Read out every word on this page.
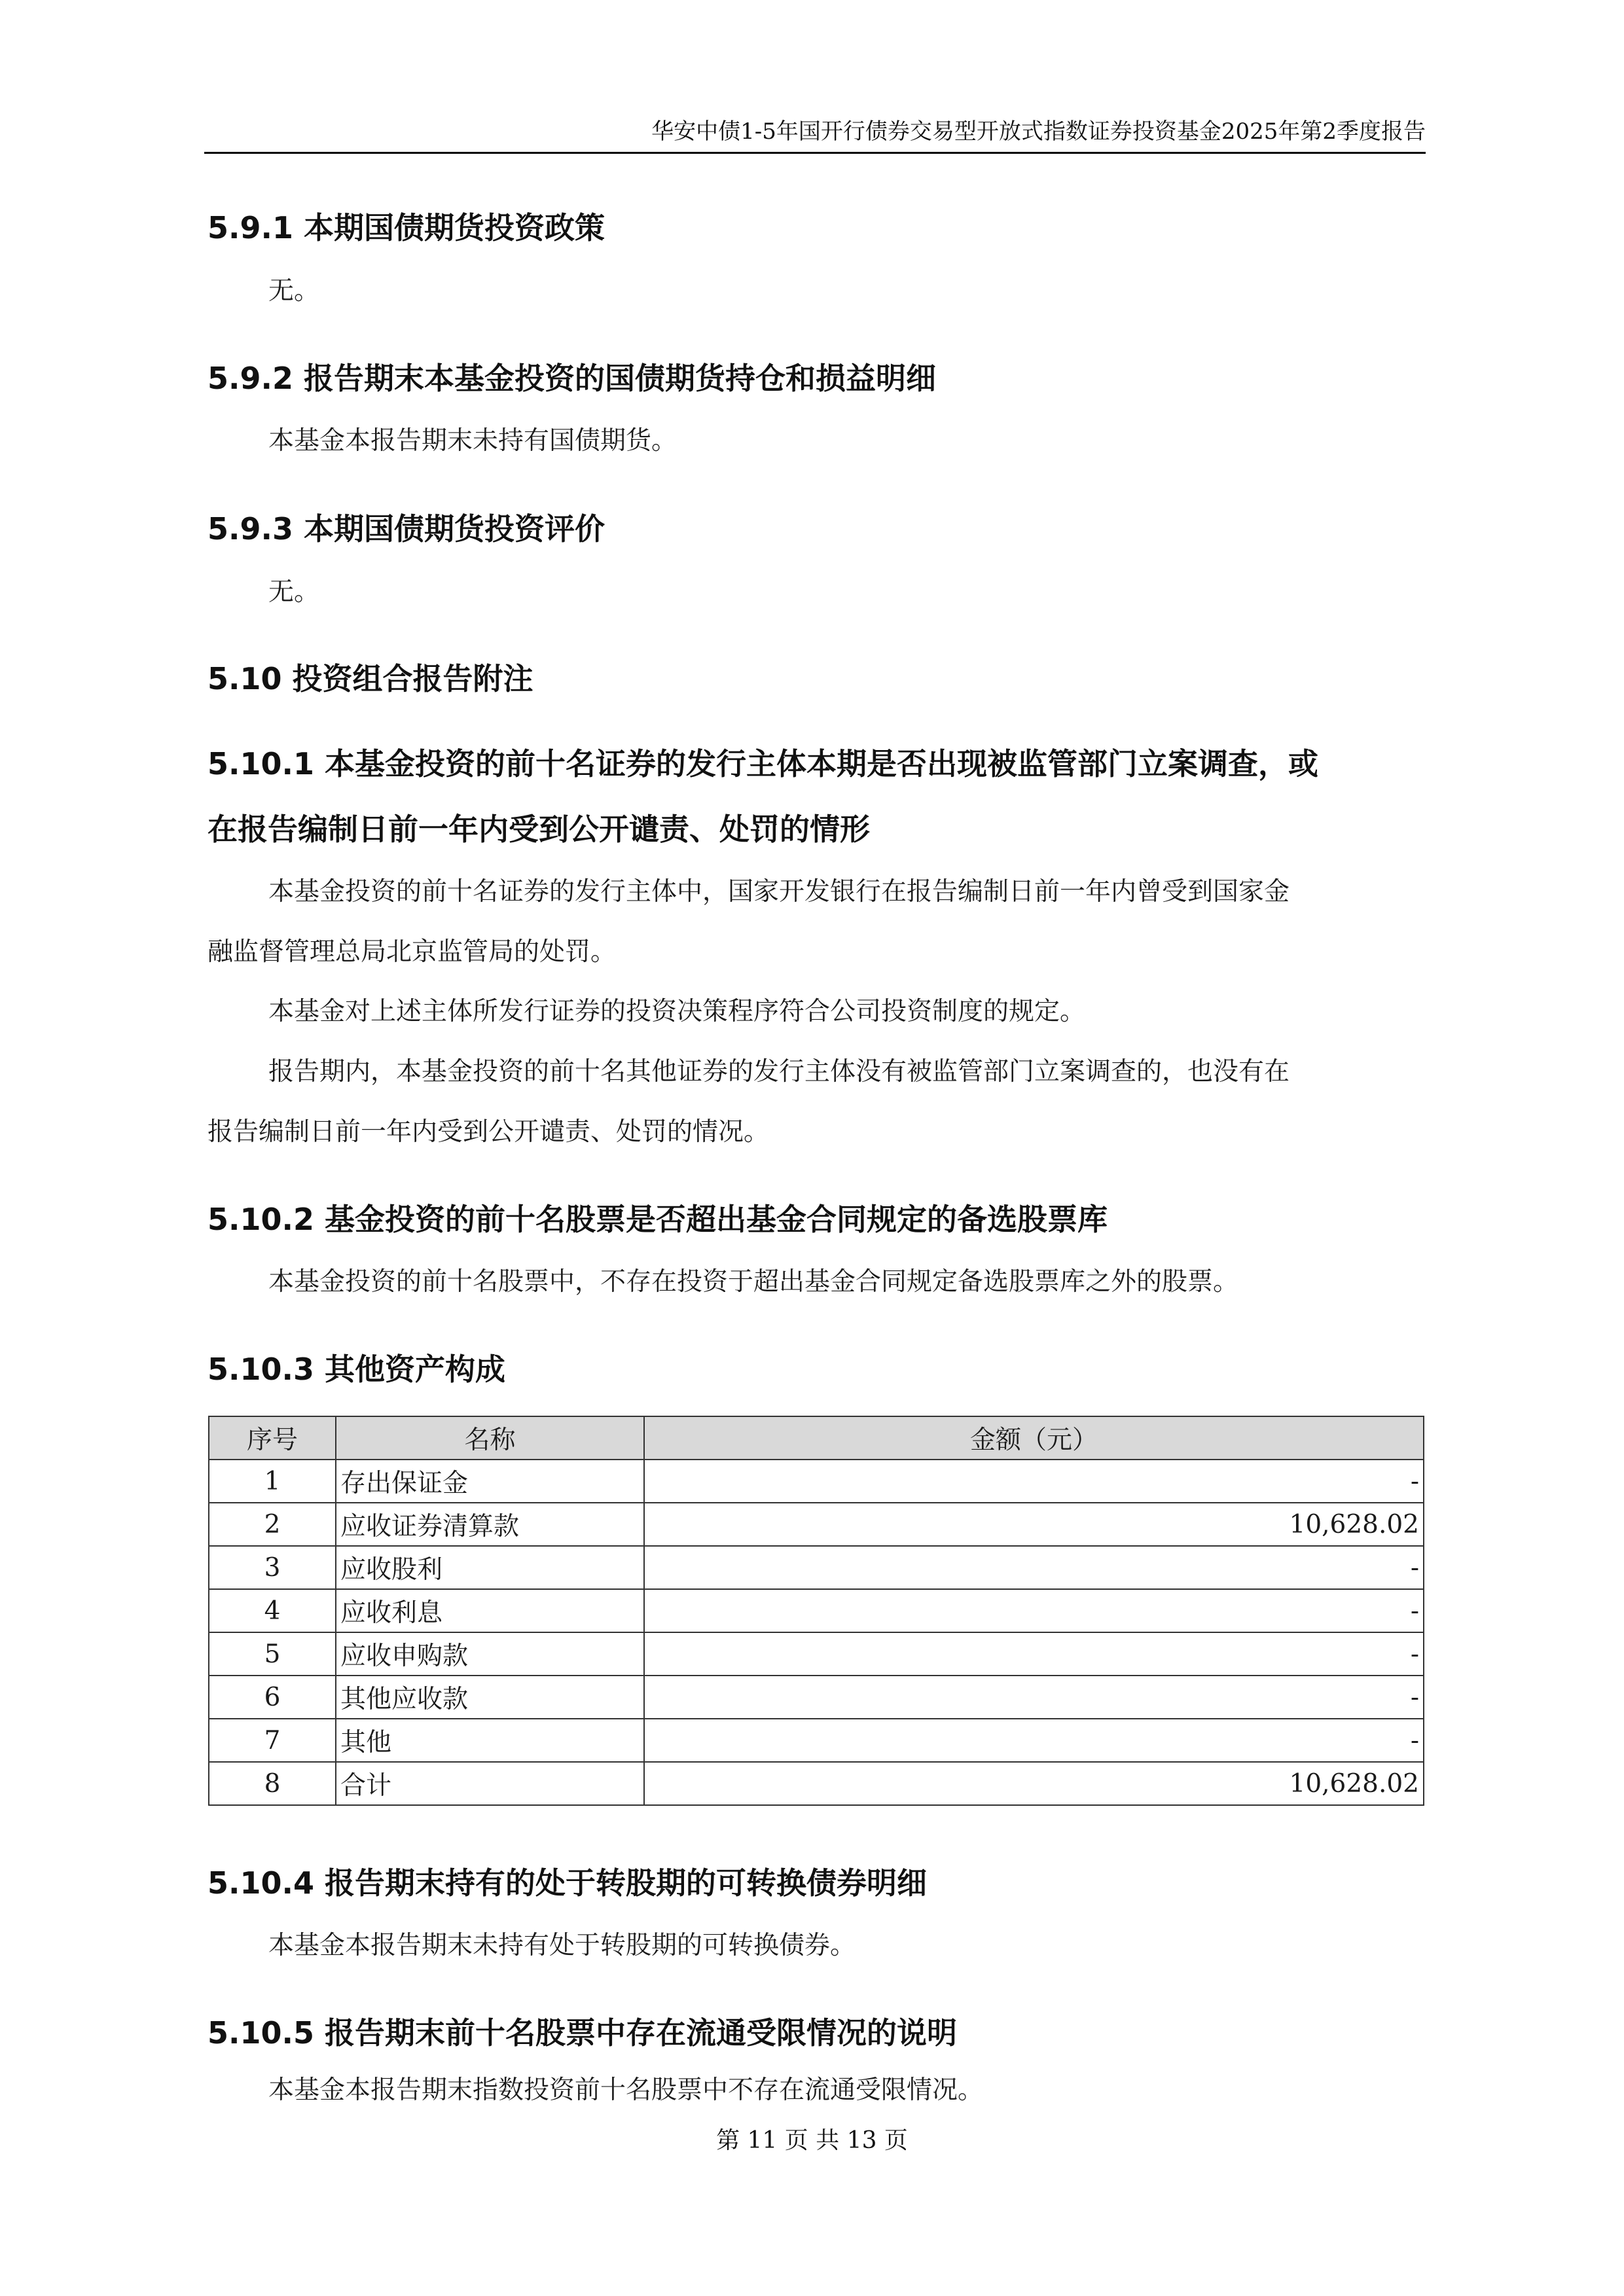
华安中债1-5年国开行债券交易型开放式指数证券投资基金2025年第2季度报告
5.9.1 本期国债期货投资政策
无。
5.9.2 报告期末本基金投资的国债期货持仓和损益明细
本基金本报告期末未持有国债期货。
5.9.3 本期国债期货投资评价
无。
5.10 投资组合报告附注
5.10.1 本基金投资的前十名证券的发行主体本期是否出现被监管部门立案调查，或
在报告编制日前一年内受到公开谴责、处罚的情形
本基金投资的前十名证券的发行主体中，国家开发银行在报告编制日前一年内曾受到国家金
融监督管理总局北京监管局的处罚。
本基金对上述主体所发行证券的投资决策程序符合公司投资制度的规定。
报告期内，本基金投资的前十名其他证券的发行主体没有被监管部门立案调查的，也没有在
报告编制日前一年内受到公开谴责、处罚的情况。
5.10.2 基金投资的前十名股票是否超出基金合同规定的备选股票库
本基金投资的前十名股票中，不存在投资于超出基金合同规定备选股票库之外的股票。
5.10.3 其他资产构成
序号	名称	金额（元）
1	存出保证金	-
2	应收证券清算款	10,628.02
3	应收股利	-
4	应收利息	-
5	应收申购款	-
6	其他应收款	-
7	其他	-
8	合计	10,628.02
5.10.4 报告期末持有的处于转股期的可转换债券明细
本基金本报告期末未持有处于转股期的可转换债券。
5.10.5 报告期末前十名股票中存在流通受限情况的说明
本基金本报告期末指数投资前十名股票中不存在流通受限情况。
第 11 页 共 13 页
